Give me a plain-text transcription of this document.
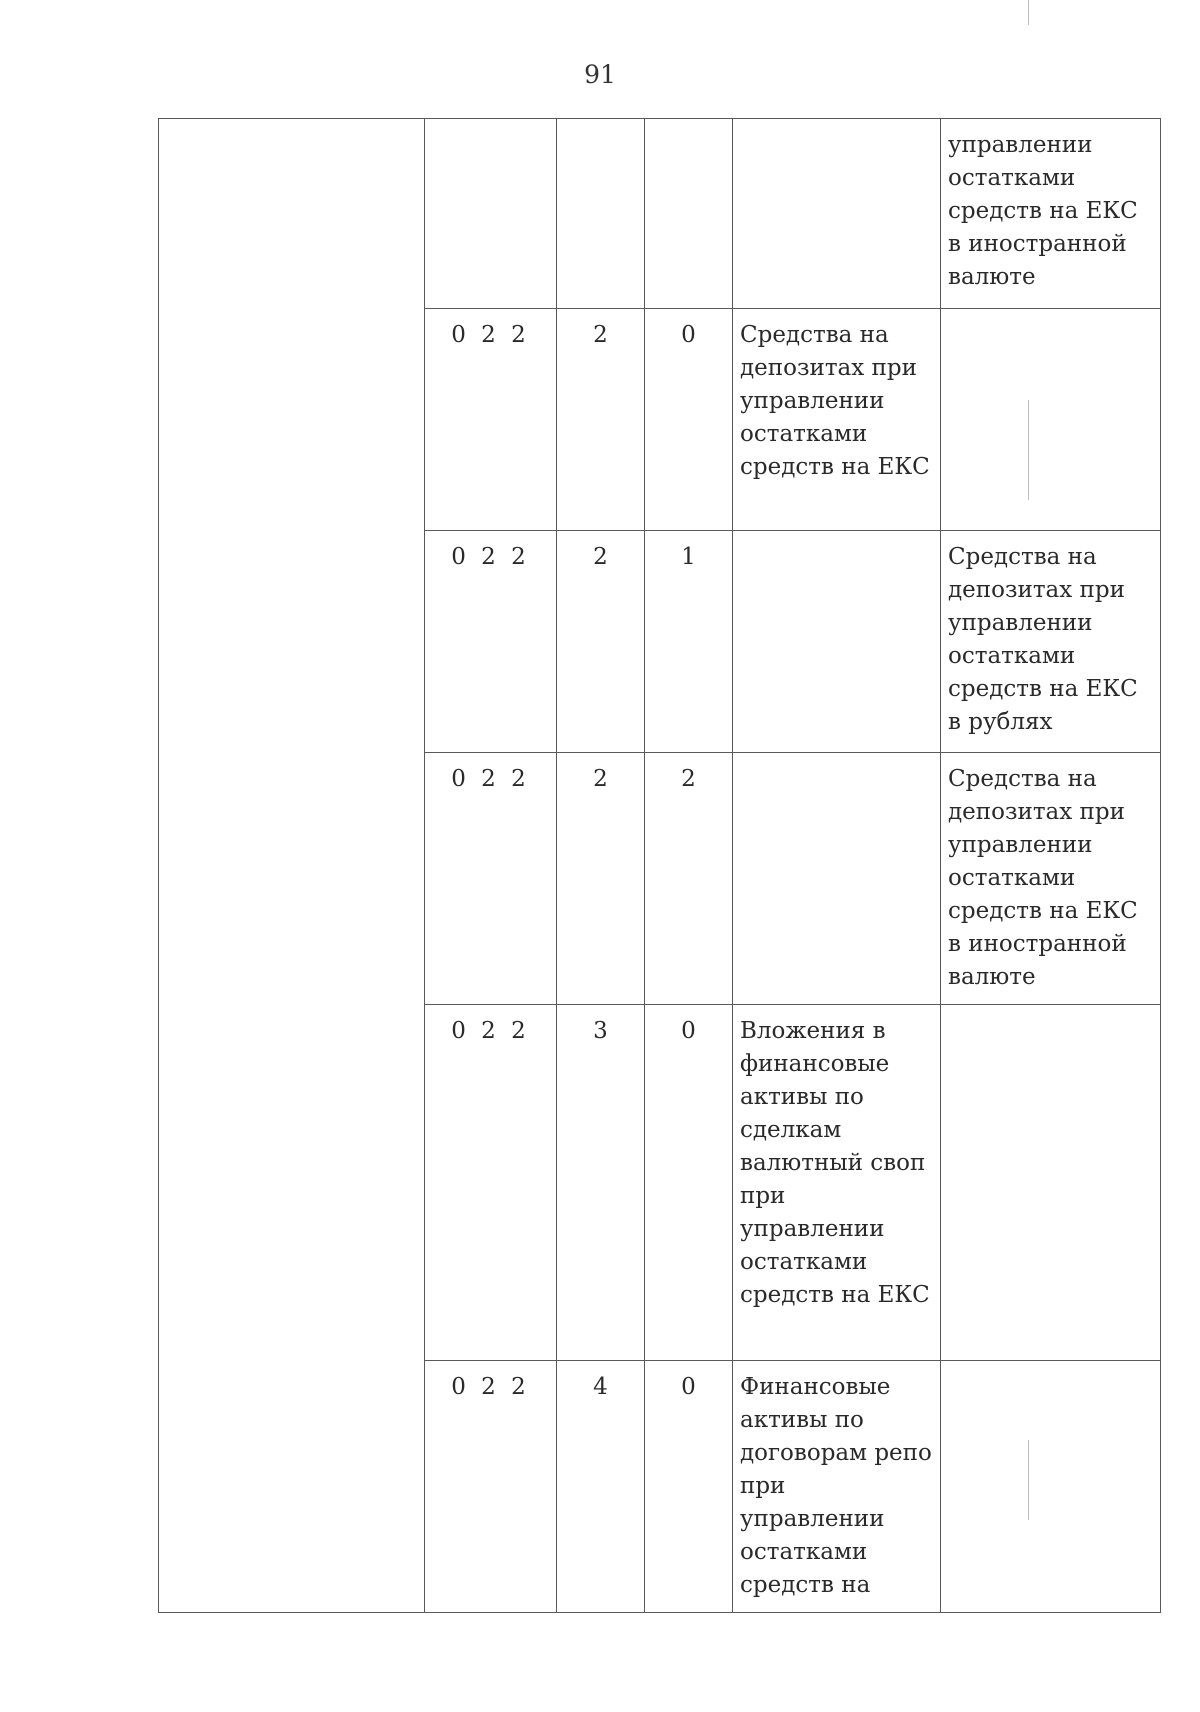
91
					управлении остатками средств на ЕКС в иностранной валюте
	0 2 2	2	0	Средства на депозитах при управлении остатками средств на ЕКС	
	0 2 2	2	1		Средства на депозитах при управлении остатками средств на ЕКС в рублях
	0 2 2	2	2		Средства на депозитах при управлении остатками средств на ЕКС в иностранной валюте
	0 2 2	3	0	Вложения в финансовые активы по сделкам валютный своп при управлении остатками средств на ЕКС	
	0 2 2	4	0	Финансовые активы по договорам репо при управлении остатками средств на	
